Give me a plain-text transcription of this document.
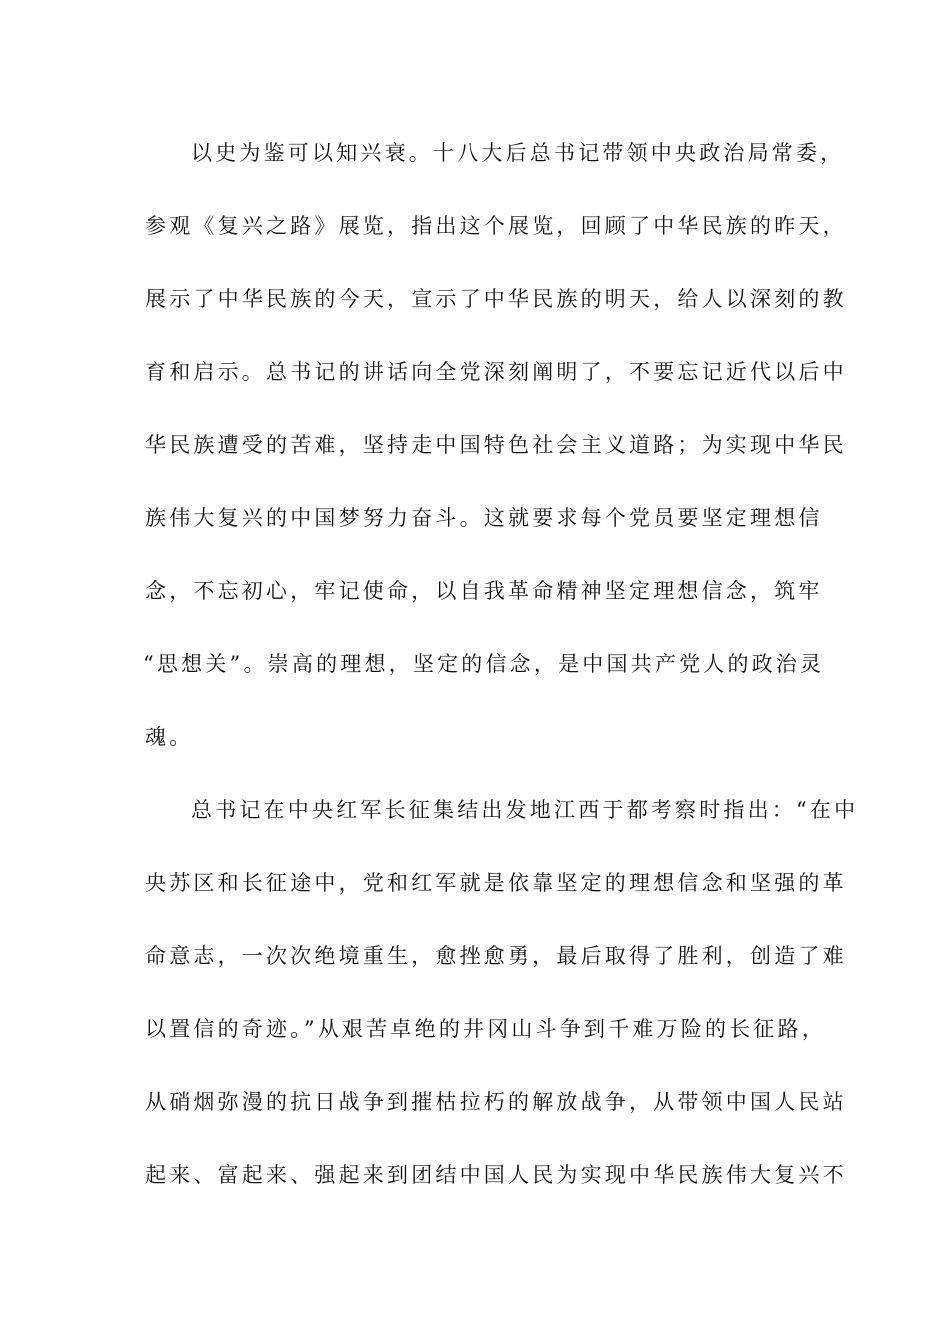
以史为鉴可以知兴衰。十八大后总书记带领中央政治局常委，
参观《复兴之路》展览，指出这个展览，回顾了中华民族的昨天，
展示了中华民族的今天，宣示了中华民族的明天，给人以深刻的教
育和启示。总书记的讲话向全党深刻阐明了，不要忘记近代以后中
华民族遭受的苦难，坚持走中国特色社会主义道路；为实现中华民
族伟大复兴的中国梦努力奋斗。这就要求每个党员要坚定理想信
念，不忘初心，牢记使命，以自我革命精神坚定理想信念，筑牢
“思想关”。崇高的理想，坚定的信念，是中国共产党人的政治灵
魂。
总书记在中央红军长征集结出发地江西于都考察时指出：“在中
央苏区和长征途中，党和红军就是依靠坚定的理想信念和坚强的革
命意志，一次次绝境重生，愈挫愈勇，最后取得了胜利，创造了难
以置信的奇迹。”从艰苦卓绝的井冈山斗争到千难万险的长征路，
从硝烟弥漫的抗日战争到摧枯拉朽的解放战争，从带领中国人民站
起来、富起来、强起来到团结中国人民为实现中华民族伟大复兴不
